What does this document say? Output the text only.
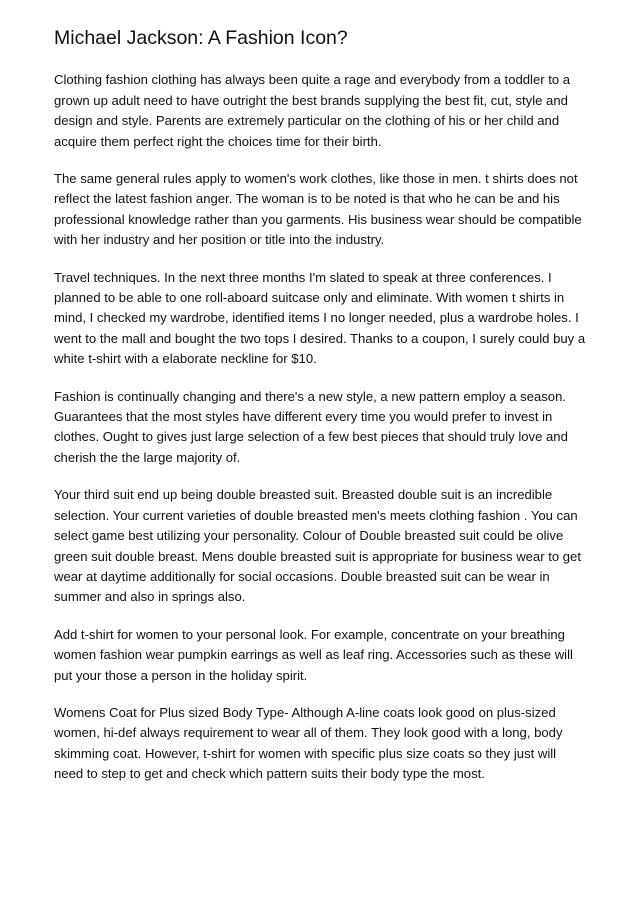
Michael Jackson: A Fashion Icon?

Clothing fashion clothing has always been quite a rage and everybody from a toddler to a grown up adult need to have outright the best brands supplying the best fit, cut, style and design and style. Parents are extremely particular on the clothing of his or her child and acquire them perfect right the choices time for their birth.

The same general rules apply to women's work clothes, like those in men. t shirts does not reflect the latest fashion anger. The woman is to be noted is that who he can be and his professional knowledge rather than you garments. His business wear should be compatible with her industry and her position or title into the industry.

Travel techniques. In the next three months I'm slated to speak at three conferences. I planned to be able to one roll-aboard suitcase only and eliminate. With women t shirts in mind, I checked my wardrobe, identified items I no longer needed, plus a wardrobe holes. I went to the mall and bought the two tops I desired. Thanks to a coupon, I surely could buy a white t-shirt with a elaborate neckline for $10.

Fashion is continually changing and there's a new style, a new pattern employ a season. Guarantees that the most styles have different every time you would prefer to invest in clothes. Ought to gives just large selection of a few best pieces that should truly love and cherish the the large majority of.

Your third suit end up being double breasted suit. Breasted double suit is an incredible selection. Your current varieties of double breasted men's meets clothing fashion . You can select game best utilizing your personality. Colour of Double breasted suit could be olive green suit double breast. Mens double breasted suit is appropriate for business wear to get wear at daytime additionally for social occasions. Double breasted suit can be wear in summer and also in springs also.

Add t-shirt for women to your personal look. For example, concentrate on your breathing women fashion wear pumpkin earrings as well as leaf ring. Accessories such as these will put your those a person in the holiday spirit.

Womens Coat for Plus sized Body Type- Although A-line coats look good on plus-sized women, hi-def always requirement to wear all of them. They look good with a long, body skimming coat. However, t-shirt for women with specific plus size coats so they just will need to step to get and check which pattern suits their body type the most.
